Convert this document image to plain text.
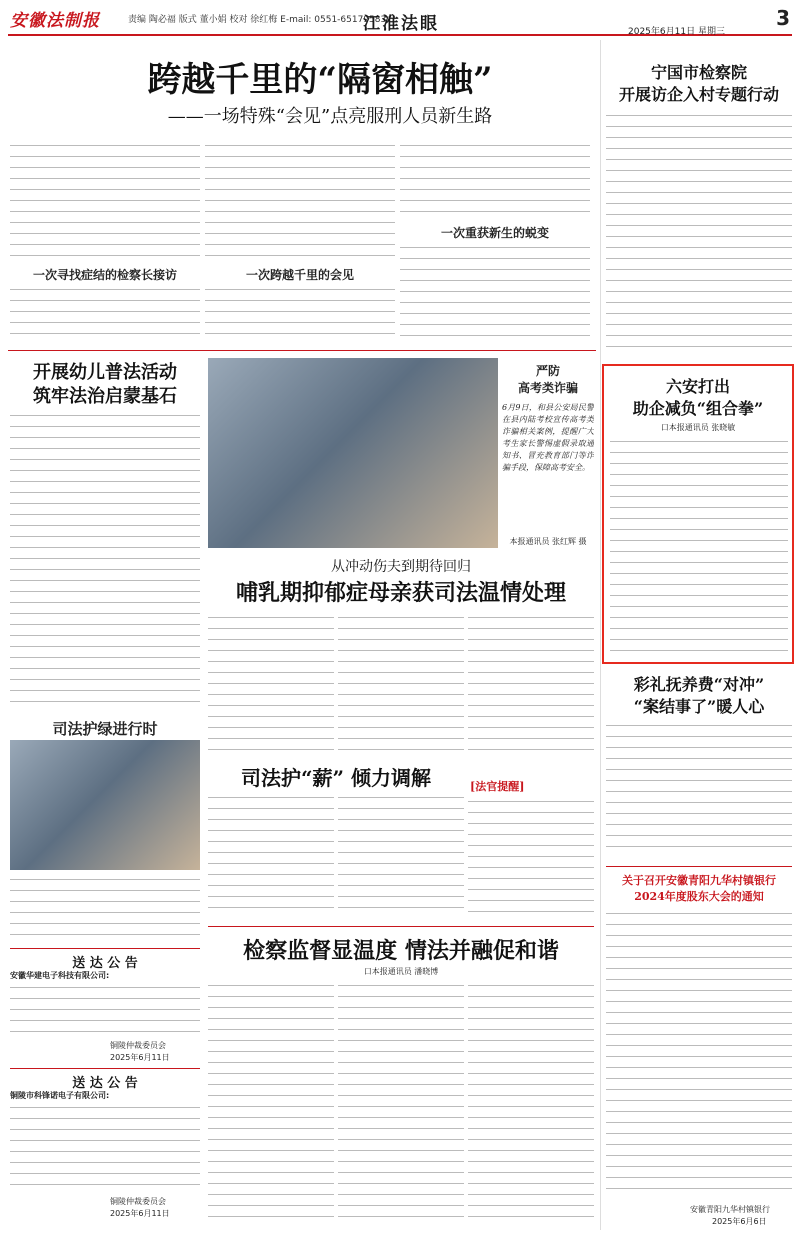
安徽法制报	责编 陶必福 版式 董小娟 校对 徐红梅 E-mail: 0551-65179583
江淮法眼	2025年6月11日 星期三
3
跨越千里的“隔窗相触”
——一场特殊“会见”点亮服刑人员新生路
一次寻找症结的检察长接访	一次跨越千里的会见
一次重获新生的蜕变
开展幼儿普法活动
筑牢法治启蒙基石
司法护绿进行时
送 达 公 告
安徽华建电子科技有限公司:
铜陵仲裁委员会
2025年6月11日
送 达 公 告
铜陵市科锋诺电子有限公司:
铜陵仲裁委员会
2025年6月11日
严防
高考类诈骗
6月9日，和县公安局民警在县内陆考校宣传高考类诈骗相关案例，提醒广大考生家长警惕虚假录取通知书、冒充教育部门等诈骗手段，保障高考安全。
本报通讯员 张红辉 摄
从冲动伤夫到期待回归
哺乳期抑郁症母亲获司法温情处理
司法护“薪” 倾力调解	[法官提醒]
检察监督显温度 情法并融促和谐
口本报通讯员 潘晓博
宁国市检察院
开展访企入村专题行动
六安打出
助企减负“组合拳”
口本报通讯员 张晓敏
彩礼抚养费“对冲”
“案结事了”暖人心
关于召开安徽青阳九华村镇银行
2024年度股东大会的通知
安徽青阳九华村镇银行
2025年6月6日
